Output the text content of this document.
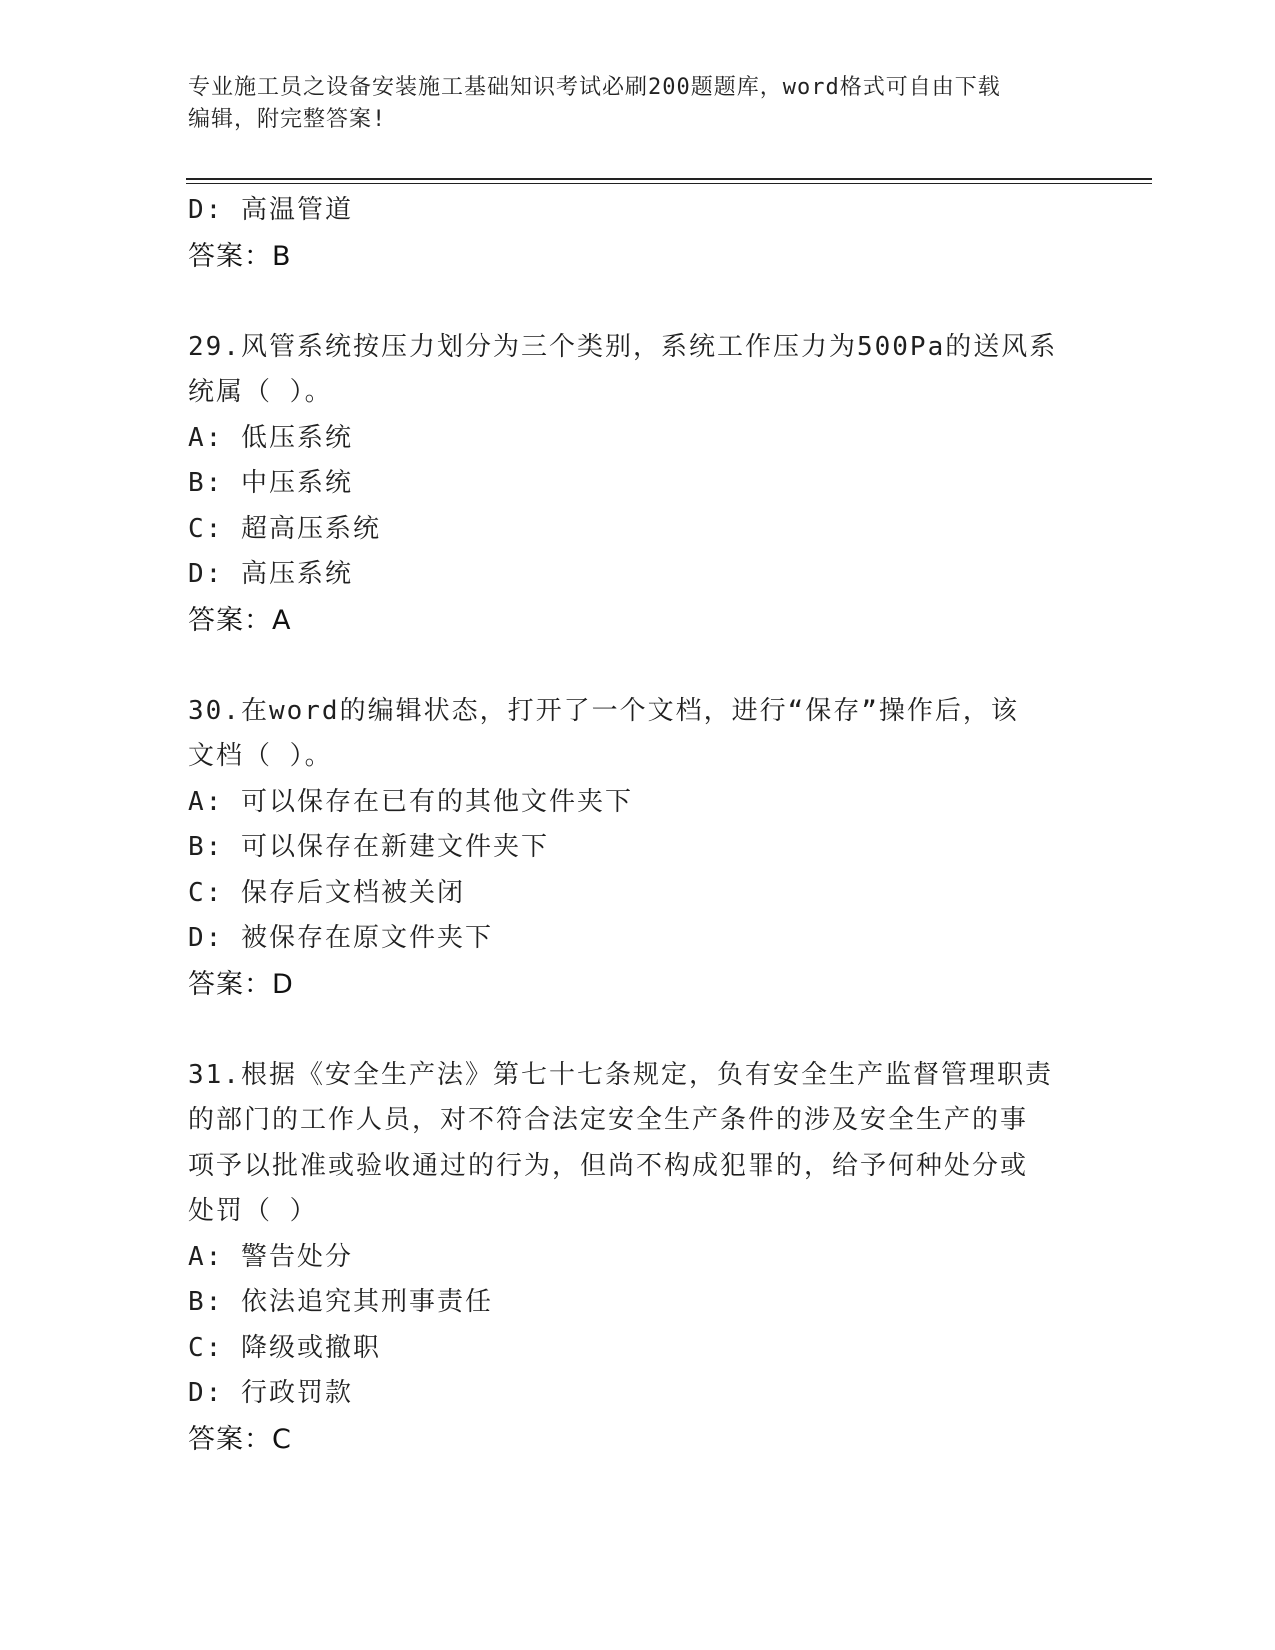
专业施工员之设备安装施工基础知识考试必刷200题题库，word格式可自由下载
编辑，附完整答案!
D: 高温管道
答案：B
29.风管系统按压力划分为三个类别，系统工作压力为500Pa的送风系
统属（ ）。
A: 低压系统
B: 中压系统
C: 超高压系统
D: 高压系统
答案：A
30.在word的编辑状态，打开了一个文档，进行“保存”操作后，该
文档（ ）。
A: 可以保存在已有的其他文件夹下
B: 可以保存在新建文件夹下
C: 保存后文档被关闭
D: 被保存在原文件夹下
答案：D
31.根据《安全生产法》第七十七条规定，负有安全生产监督管理职责
的部门的工作人员，对不符合法定安全生产条件的涉及安全生产的事
项予以批准或验收通过的行为，但尚不构成犯罪的，给予何种处分或
处罚（ ）
A: 警告处分
B: 依法追究其刑事责任
C: 降级或撤职
D: 行政罚款
答案：C
